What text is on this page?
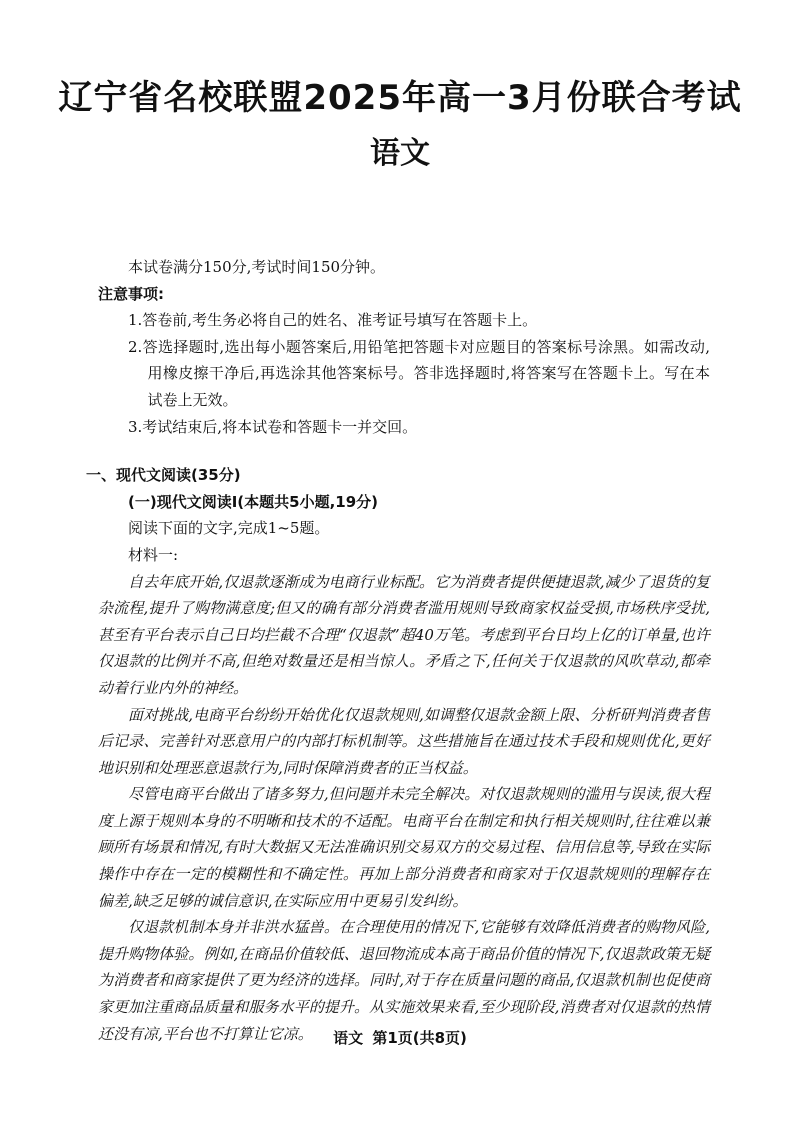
辽宁省名校联盟2025年高一3月份联合考试
语文

本试卷满分150分,考试时间150分钟。

注意事项:

1.答卷前,考生务必将自己的姓名、准考证号填写在答题卡上。

2.答选择题时,选出每小题答案后,用铅笔把答题卡对应题目的答案标号涂黑。如需改动,用橡皮擦干净后,再选涂其他答案标号。答非选择题时,将答案写在答题卡上。写在本试卷上无效。

3.考试结束后,将本试卷和答题卡一并交回。

一、现代文阅读(35分)

(一)现代文阅读Ⅰ(本题共5小题,19分)

阅读下面的文字,完成1~5题。

材料一:

自去年底开始,仅退款逐渐成为电商行业标配。它为消费者提供便捷退款,减少了退货的复杂流程,提升了购物满意度;但又的确有部分消费者滥用规则导致商家权益受损,市场秩序受扰,甚至有平台表示自己日均拦截不合理“仅退款”超40万笔。考虑到平台日均上亿的订单量,也许仅退款的比例并不高,但绝对数量还是相当惊人。矛盾之下,任何关于仅退款的风吹草动,都牵动着行业内外的神经。

面对挑战,电商平台纷纷开始优化仅退款规则,如调整仅退款金额上限、分析研判消费者售后记录、完善针对恶意用户的内部打标机制等。这些措施旨在通过技术手段和规则优化,更好地识别和处理恶意退款行为,同时保障消费者的正当权益。

尽管电商平台做出了诸多努力,但问题并未完全解决。对仅退款规则的滥用与误读,很大程度上源于规则本身的不明晰和技术的不适配。电商平台在制定和执行相关规则时,往往难以兼顾所有场景和情况,有时大数据又无法准确识别交易双方的交易过程、信用信息等,导致在实际操作中存在一定的模糊性和不确定性。再加上部分消费者和商家对于仅退款规则的理解存在偏差,缺乏足够的诚信意识,在实际应用中更易引发纠纷。

仅退款机制本身并非洪水猛兽。在合理使用的情况下,它能够有效降低消费者的购物风险,提升购物体验。例如,在商品价值较低、退回物流成本高于商品价值的情况下,仅退款政策无疑为消费者和商家提供了更为经济的选择。同时,对于存在质量问题的商品,仅退款机制也促使商家更加注重商品质量和服务水平的提升。从实施效果来看,至少现阶段,消费者对仅退款的热情还没有凉,平台也不打算让它凉。	语文 第1页(共8页)
